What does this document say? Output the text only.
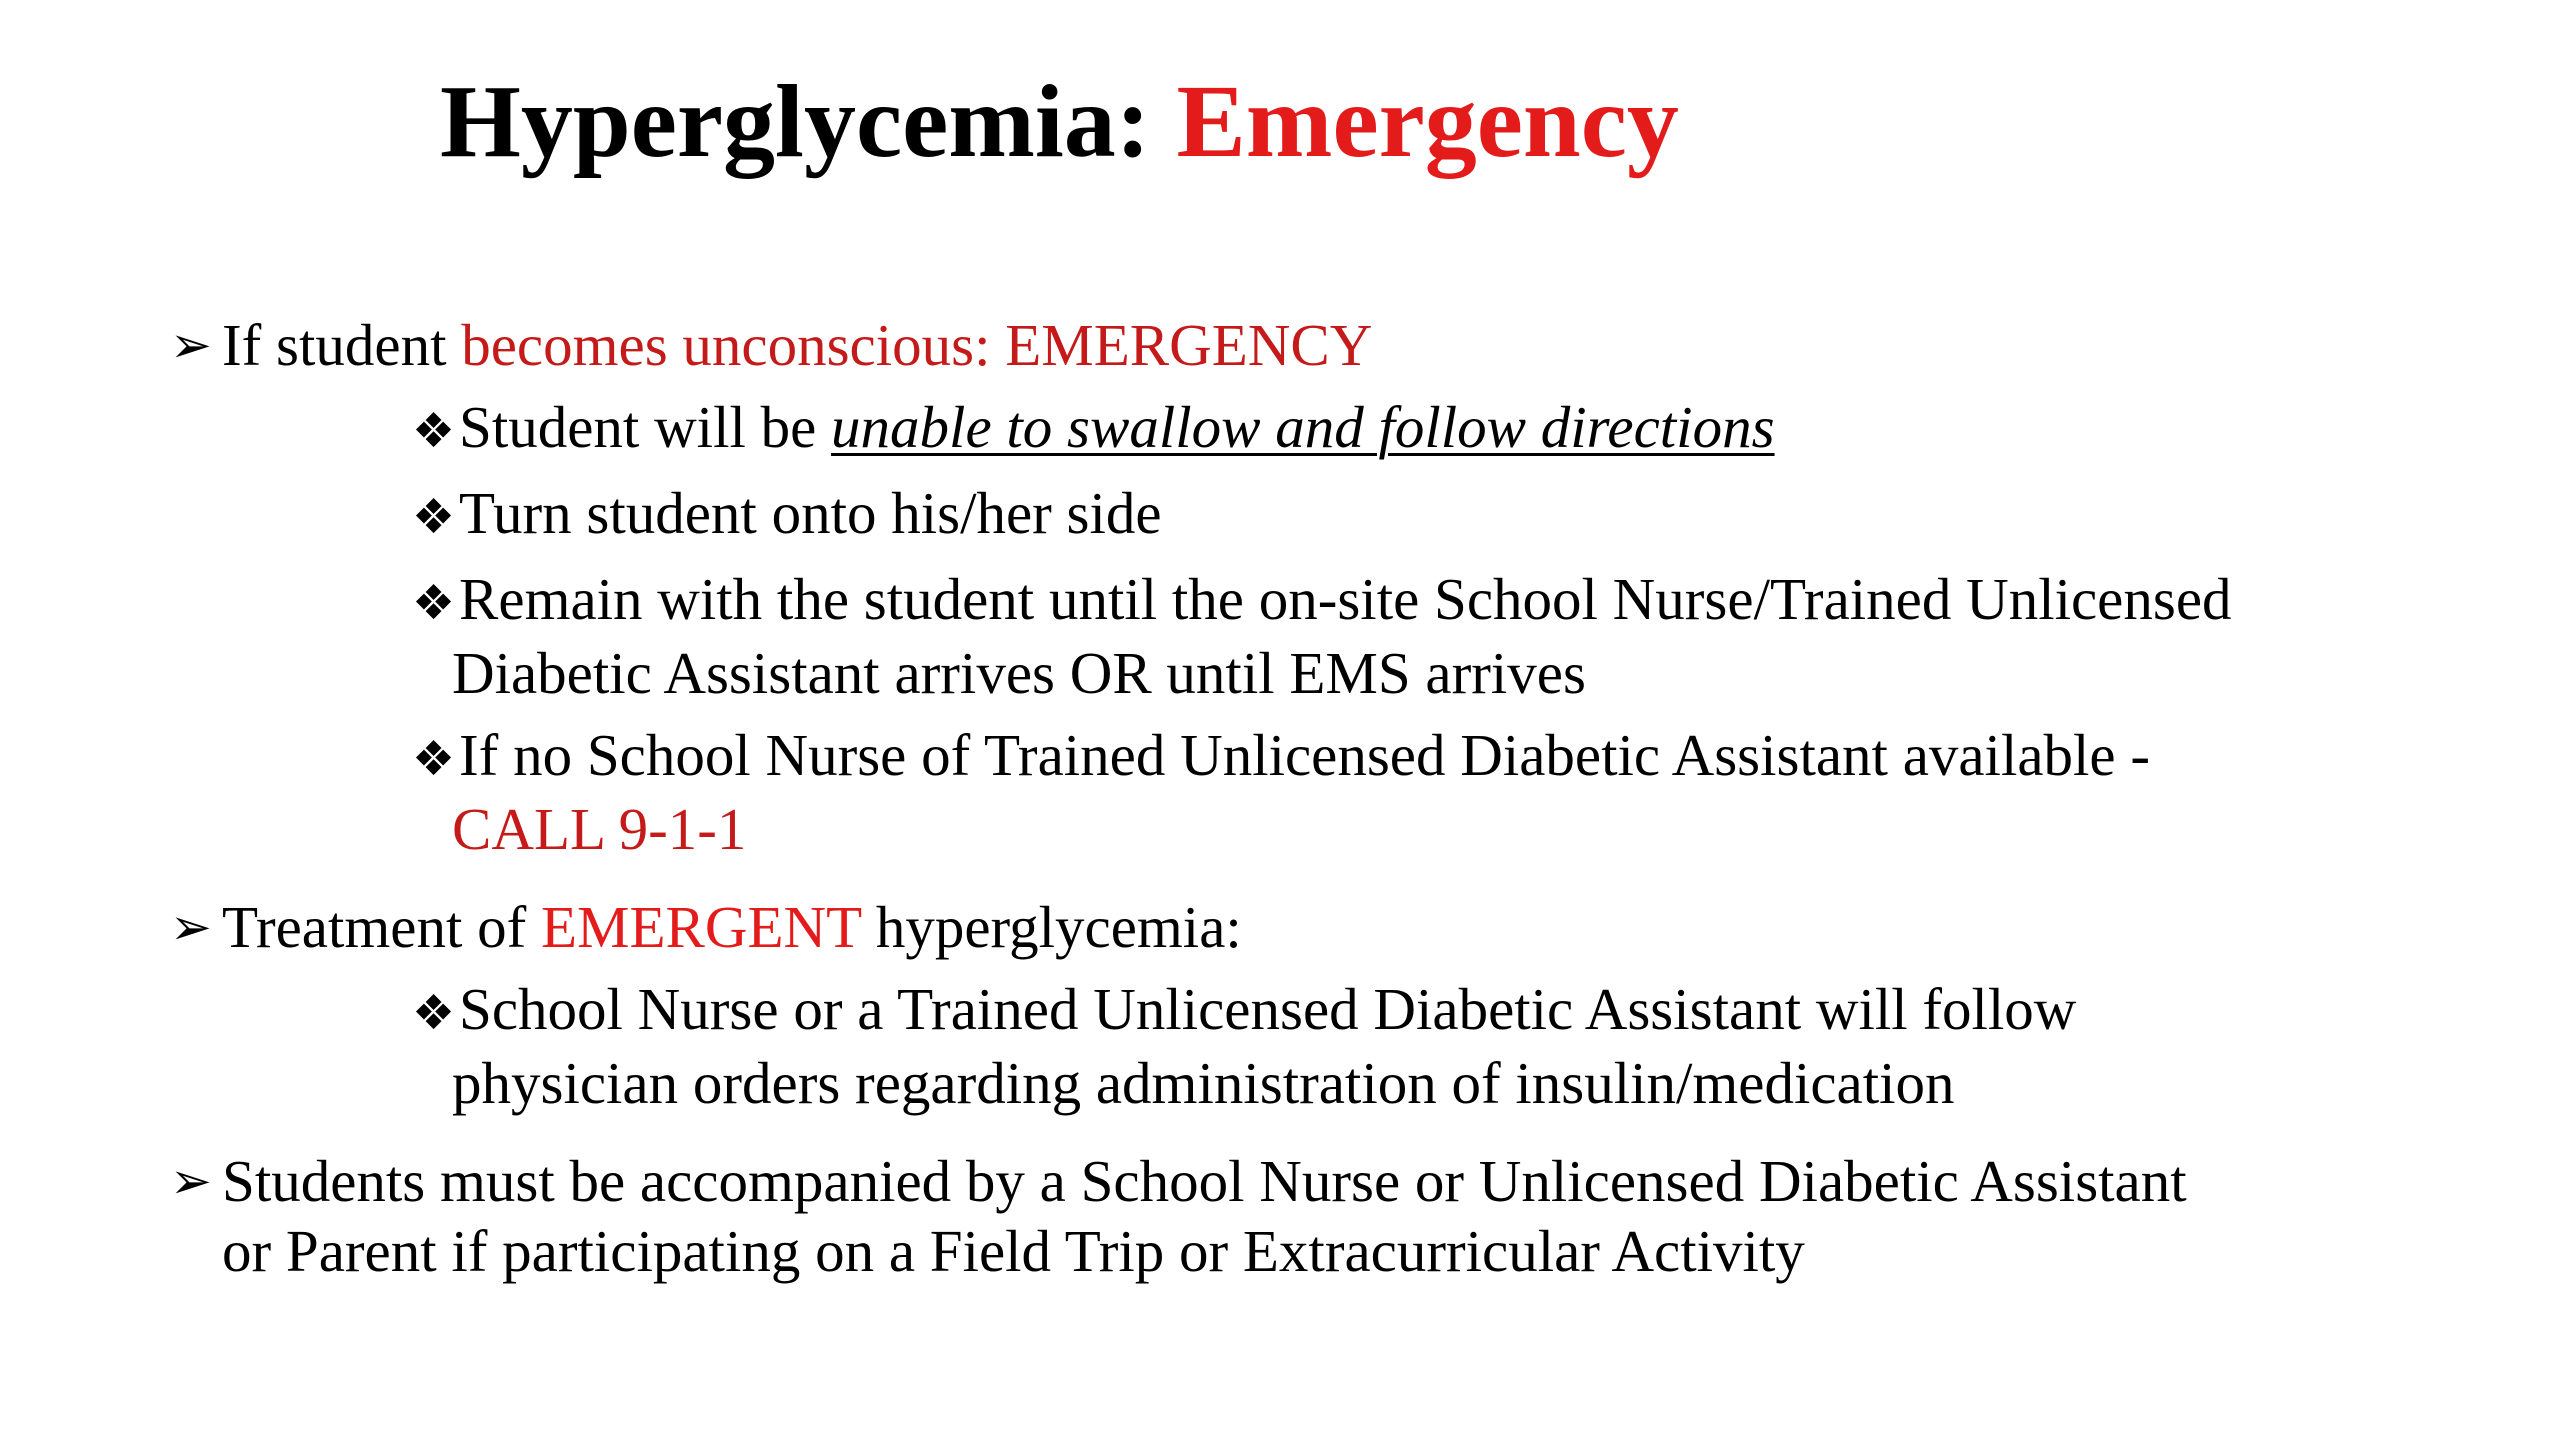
Hyperglycemia: Emergency
➢ If student becomes unconscious: EMERGENCY
❖Student will be unable to swallow and follow directions
❖Turn student onto his/her side
❖Remain with the student until the on-site School Nurse/Trained Unlicensed
Diabetic Assistant arrives OR until EMS arrives
❖If no School Nurse of Trained Unlicensed Diabetic Assistant available -
CALL 9-1-1
➢ Treatment of EMERGENT hyperglycemia:
❖School Nurse or a Trained Unlicensed Diabetic Assistant will follow
physician orders regarding administration of insulin/medication
➢ Students must be accompanied by a School Nurse or Unlicensed Diabetic Assistant
or Parent if participating on a Field Trip or Extracurricular Activity
